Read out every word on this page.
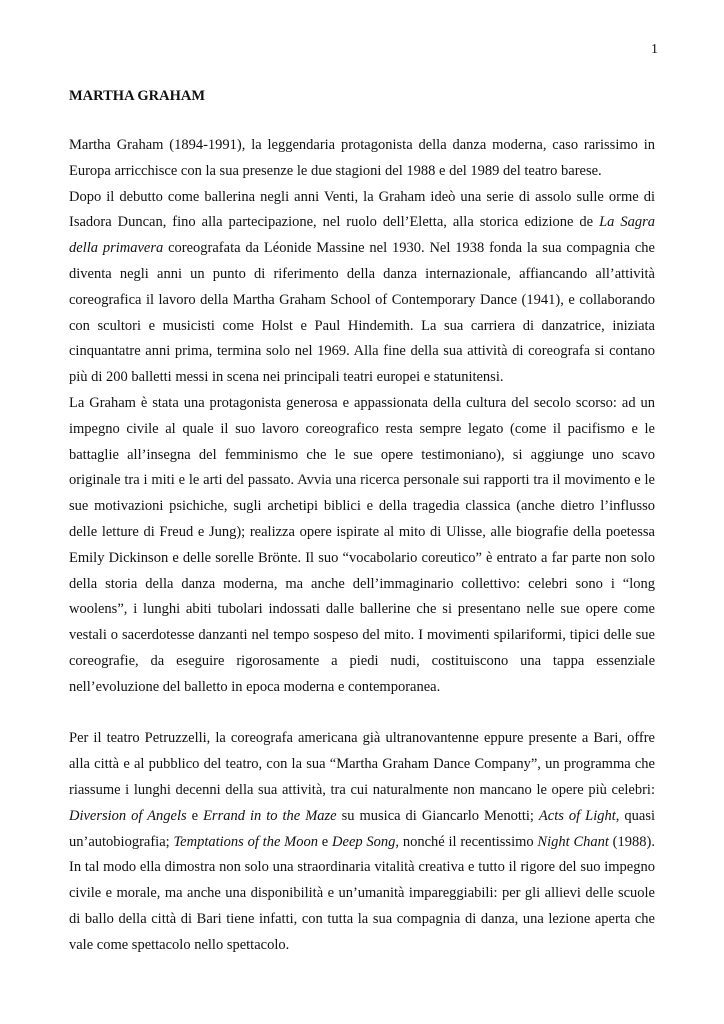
1
MARTHA GRAHAM

Martha Graham (1894-1991), la leggendaria protagonista della danza moderna, caso rarissimo in Europa arricchisce con la sua presenze le due stagioni del 1988 e del 1989 del teatro barese.

Dopo il debutto come ballerina negli anni Venti, la Graham ideò una serie di assolo sulle orme di Isadora Duncan, fino alla partecipazione, nel ruolo dell’Eletta, alla storica edizione de La Sagra della primavera coreografata da Léonide Massine nel 1930. Nel 1938 fonda la sua compagnia che diventa negli anni un punto di riferimento della danza internazionale, affiancando all’attività coreografica il lavoro della Martha Graham School of Contemporary Dance (1941), e collaborando con scultori e musicisti come Holst e Paul Hindemith. La sua carriera di danzatrice, iniziata cinquantatre anni prima, termina solo nel 1969. Alla fine della sua attività di coreografa si contano più di 200 balletti messi in scena nei principali teatri europei e statunitensi.

La Graham è stata una protagonista generosa e appassionata della cultura del secolo scorso: ad un impegno civile al quale il suo lavoro coreografico resta sempre legato (come il pacifismo e le battaglie all’insegna del femminismo che le sue opere testimoniano), si aggiunge uno scavo originale tra i miti e le arti del passato. Avvia una ricerca personale sui rapporti tra il movimento e le sue motivazioni psichiche, sugli archetipi biblici e della tragedia classica (anche dietro l’influsso delle letture di Freud e Jung); realizza opere ispirate al mito di Ulisse, alle biografie della poetessa Emily Dickinson e delle sorelle Brönte. Il suo “vocabolario coreutico” è entrato a far parte non solo della storia della danza moderna, ma anche dell’immaginario collettivo: celebri sono i “long woolens”, i lunghi abiti tubolari indossati dalle ballerine che si presentano nelle sue opere come vestali o sacerdotesse danzanti nel tempo sospeso del mito. I movimenti spilariformi, tipici delle sue coreografie, da eseguire rigorosamente a piedi nudi, costituiscono una tappa essenziale nell’evoluzione del balletto in epoca moderna e contemporanea.

Per il teatro Petruzzelli, la coreografa americana già ultranovantenne eppure presente a Bari, offre alla città e al pubblico del teatro, con la sua “Martha Graham Dance Company”, un programma che riassume i lunghi decenni della sua attività, tra cui naturalmente non mancano le opere più celebri: Diversion of Angels e Errand in to the Maze su musica di Giancarlo Menotti; Acts of Light, quasi un’autobiografia; Temptations of the Moon e Deep Song, nonché il recentissimo Night Chant (1988). In tal modo ella dimostra non solo una straordinaria vitalità creativa e tutto il rigore del suo impegno civile e morale, ma anche una disponibilità e un’umanità impareggiabili: per gli allievi delle scuole di ballo della città di Bari tiene infatti, con tutta la sua compagnia di danza, una lezione aperta che vale come spettacolo nello spettacolo.
